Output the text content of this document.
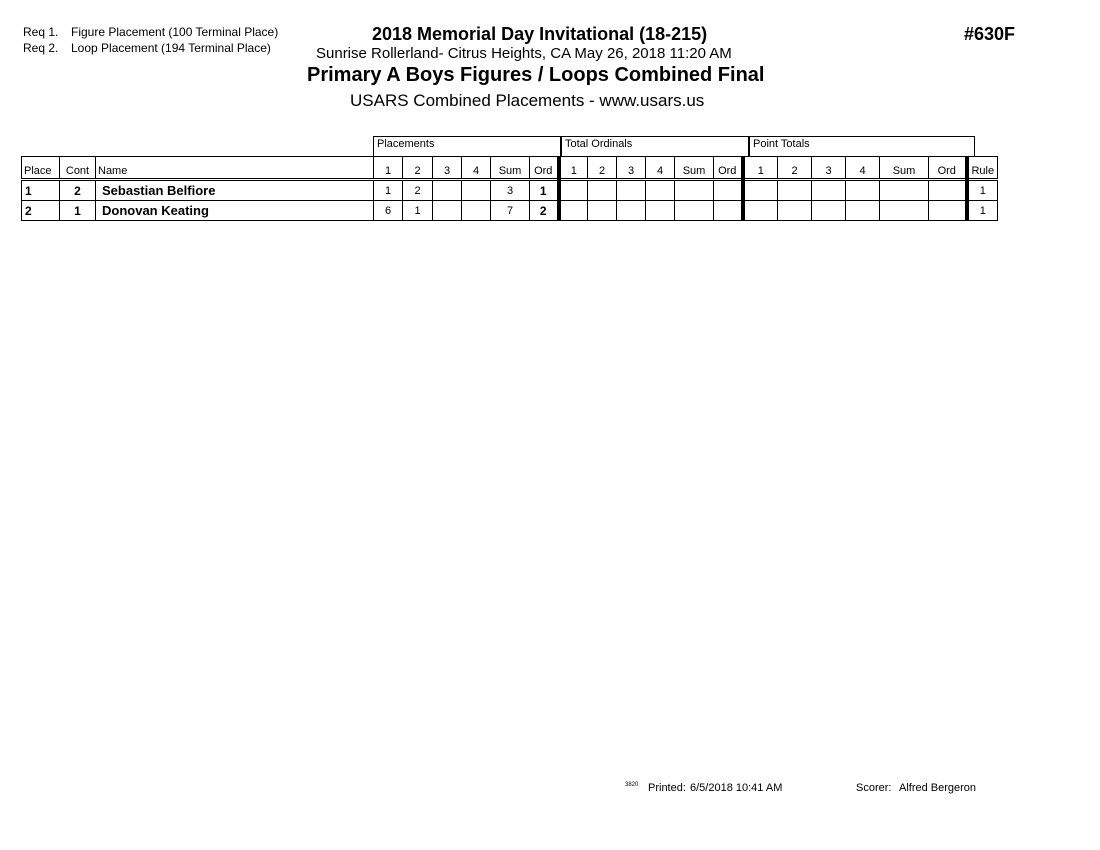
Req 1. Figure Placement (100 Terminal Place)
Req 2. Loop Placement (194 Terminal Place)
2018 Memorial Day Invitational (18-215)
Sunrise Rollerland- Citrus Heights, CA May 26, 2018 11:20 AM
Primary A Boys Figures / Loops Combined Final
USARS Combined Placements - www.usars.us
#630F
Placements	Total Ordinals	Point Totals
Place	Cont	Name	1	2	3	4	Sum	Ord	1	2	3	4	Sum	Ord	1	2	3	4	Sum	Ord	Rule
1	2	Sebastian Belfiore	1	2			3	1													1
2	1	Donovan Keating	6	1			7	2													1
3820 Printed: 6/5/2018 10:41 AM	Scorer: Alfred Bergeron
